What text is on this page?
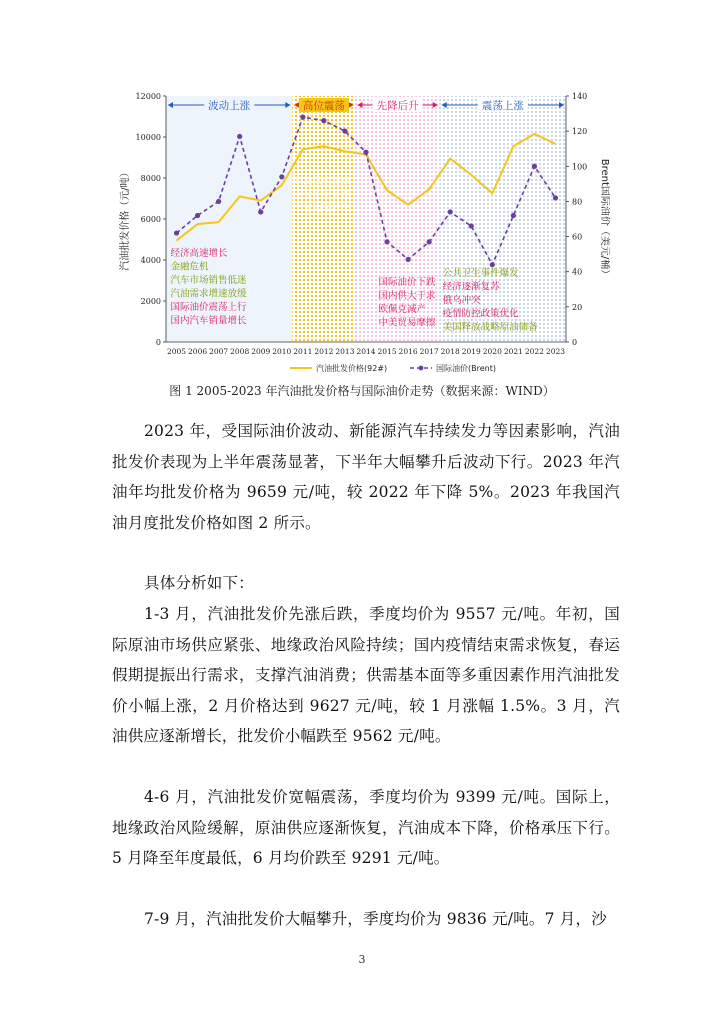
波动上涨	高位震荡	先降后升	震荡上涨
经济高速增长
金融危机
汽车市场销售低迷
汽油需求增速放缓
国际油价震荡上行
国内汽车销量增长
原油供应短缺
美元汇率下跌
中东地缘冲突
国际油价下跌
国内供大于求
欧佩克减产
中美贸易摩擦
公共卫生事件爆发
经济逐渐复苏
俄乌冲突
疫情防控政策优化
美国释放战略原油储备
0
2000
4000
6000
8000
10000
12000
0
20
40
60
80
100
120
140
2005 2006 2007 2008 2009 2010 2011 2012 2013 2014 2015 2016 2017 2018 2019 2020 2021 2022 2023
汽油批发价格（元/吨）	Brent国际油价（美元/桶）
汽油批发价格(92#)	国际油价(Brent)
图 1 2005-2023 年汽油批发价格与国际油价走势（数据来源：WIND）
2023 年，受国际油价波动、新能源汽车持续发力等因素影响，汽油批发价表现为上半年震荡显著，下半年大幅攀升后波动下行。2023 年汽油年均批发价格为 9659 元/吨，较 2022 年下降 5%。2023 年我国汽油月度批发价格如图 2 所示。
具体分析如下：
1-3 月，汽油批发价先涨后跌，季度均价为 9557 元/吨。年初，国际原油市场供应紧张、地缘政治风险持续；国内疫情结束需求恢复，春运假期提振出行需求，支撑汽油消费；供需基本面等多重因素作用汽油批发价小幅上涨，2 月价格达到 9627 元/吨，较 1 月涨幅 1.5%。3 月，汽油供应逐渐增长，批发价小幅跌至 9562 元/吨。
4-6 月，汽油批发价宽幅震荡，季度均价为 9399 元/吨。国际上，地缘政治风险缓解，原油供应逐渐恢复，汽油成本下降，价格承压下行。5 月降至年度最低，6 月均价跌至 9291 元/吨。
7-9 月，汽油批发价大幅攀升，季度均价为 9836 元/吨。7 月，沙
3
